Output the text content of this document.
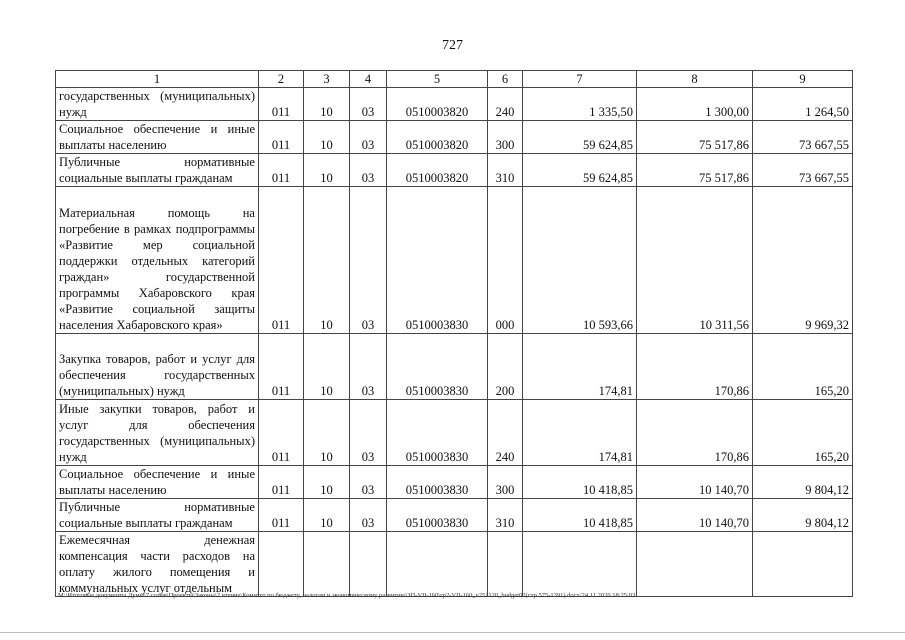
727
1	2	3	4	5	6	7	8	9
государственных (муниципальных) нужд	011	10	03	0510003820	240	1 335,50	1 300,00	1 264,50
Социальное обеспечение и иные выплаты населению	011	10	03	0510003820	300	59 624,85	75 517,86	73 667,55
Публичные нормативные социальные выплаты гражданам	011	10	03	0510003820	310	59 624,85	75 517,86	73 667,55
Материальная помощь на погребение в рамках подпрограммы «Развитие мер социальной поддержки отдельных категорий граждан» государственной программы Хабаровского края «Развитие социальной защиты населения Хабаровского края»	011	10	03	0510003830	000	10 593,66	10 311,56	9 969,32
Закупка товаров, работ и услуг для обеспечения государственных (муниципальных) нужд	011	10	03	0510003830	200	174,81	170,86	165,20
Иные закупки товаров, работ и услуг для обеспечения государственных (муниципальных) нужд	011	10	03	0510003830	240	174,81	170,86	165,20
Социальное обеспечение и иные выплаты населению	011	10	03	0510003830	300	10 418,85	10 140,70	9 804,12
Публичные нормативные социальные выплаты гражданам	011	10	03	0510003830	310	10 418,85	10 140,70	9 804,12
Ежемесячная денежная компенсация части расходов на оплату жилого помещения и коммунальных услуг отдельным								
M:\Итоговые документы Думы\7 созыв\Проекты\Законы\2 чтение\Комитет по бюджету, налогам и экономическому развитию\ЗП-VII-160\гр2-VII-160_v251120_budget02(стр 575-1391) docx/24.11.2020 18:25:03
